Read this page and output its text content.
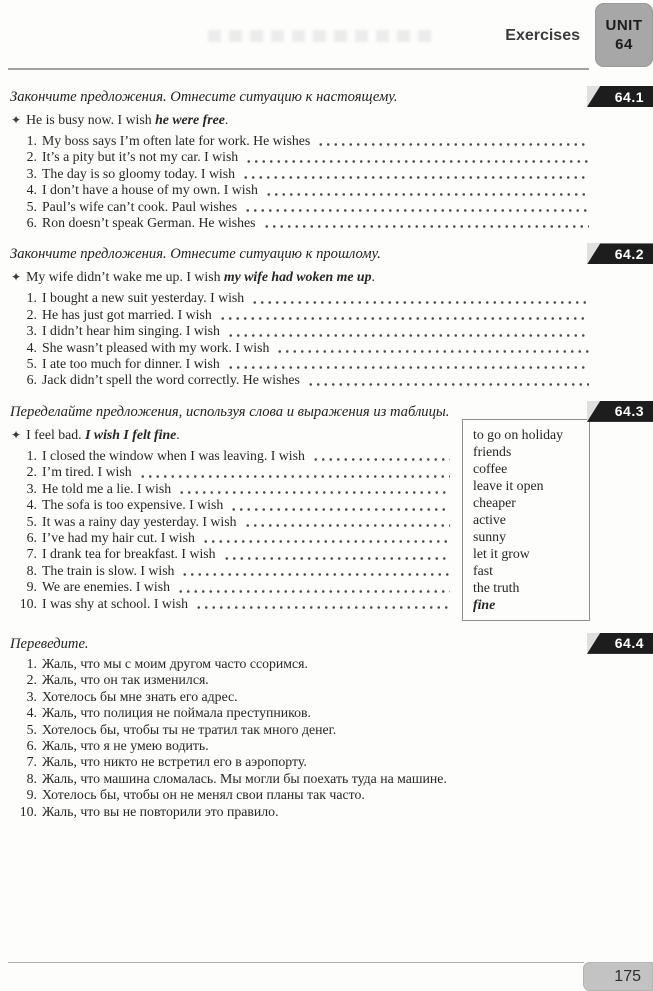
Exercises
UNIT
64
Закончите предложения. Отнесите ситуацию к настоящему.	64.1

✦ He is busy now. I wish he were free.

1. My boss says I’m often late for work. He wishes
2. It’s a pity but it’s not my car. I wish
3. The day is so gloomy today. I wish
4. I don’t have a house of my own. I wish
5. Paul’s wife can’t cook. Paul wishes
6. Ron doesn’t speak German. He wishes
Закончите предложения. Отнесите ситуацию к прошлому.	64.2

✦ My wife didn’t wake me up. I wish my wife had woken me up.

1. I bought a new suit yesterday. I wish
2. He has just got married. I wish
3. I didn’t hear him singing. I wish
4. She wasn’t pleased with my work. I wish
5. I ate too much for dinner. I wish
6. Jack didn’t spell the word correctly. He wishes
Переделайте предложения, используя слова и выражения из таблицы.	64.3

✦ I feel bad. I wish I felt fine.

1. I closed the window when I was leaving. I wish
2. I’m tired. I wish
3. He told me a lie. I wish
4. The sofa is too expensive. I wish
5. It was a rainy day yesterday. I wish
6. I’ve had my hair cut. I wish
7. I drank tea for breakfast. I wish
8. The train is slow. I wish
9. We are enemies. I wish
10. I was shy at school. I wish
to go on holiday
friends
coffee
leave it open
cheaper
active
sunny
let it grow
fast
the truth
fine
Переведите.	64.4
1. Жаль, что мы с моим другом часто ссоримся.
2. Жаль, что он так изменился.
3. Хотелось бы мне знать его адрес.
4. Жаль, что полиция не поймала преступников.
5. Хотелось бы, чтобы ты не тратил так много денег.
6. Жаль, что я не умею водить.
7. Жаль, что никто не встретил его в аэропорту.
8. Жаль, что машина сломалась. Мы могли бы поехать туда на машине.
9. Хотелось бы, чтобы он не менял свои планы так часто.
10. Жаль, что вы не повторили это правило.
175
